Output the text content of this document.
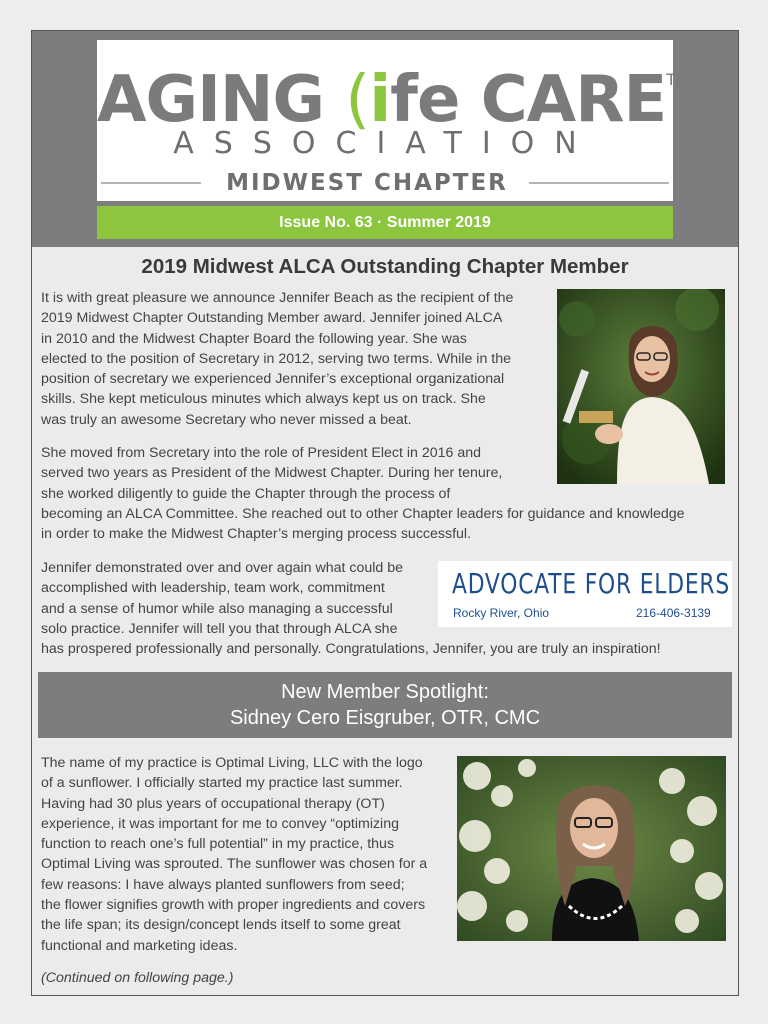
AGING (ife CARE™
ASSOCIATION
MIDWEST CHAPTER
Issue No. 63 · Summer 2019
2019 Midwest ALCA Outstanding Chapter Member

It is with great pleasure we announce Jennifer Beach as the recipient of the
2019 Midwest Chapter Outstanding Member award. Jennifer joined ALCA
in 2010 and the Midwest Chapter Board the following year. She was
elected to the position of Secretary in 2012, serving two terms. While in the
position of secretary we experienced Jennifer’s exceptional organizational
skills. She kept meticulous minutes which always kept us on track. She
was truly an awesome Secretary who never missed a beat.

She moved from Secretary into the role of President Elect in 2016 and
served two years as President of the Midwest Chapter. During her tenure,
she worked diligently to guide the Chapter through the process of
becoming an ALCA Committee. She reached out to other Chapter leaders for guidance and knowledge
in order to make the Midwest Chapter’s merging process successful.

Jennifer demonstrated over and over again what could be
accomplished with leadership, team work, commitment
and a sense of humor while also managing a successful
solo practice. Jennifer will tell you that through ALCA she
has prospered professionally and personally. Congratulations, Jennifer, you are truly an inspiration!

ADVOCATE FOR ELDERS
Rocky River, Ohio	216-406-3139
New Member Spotlight:
Sidney Cero Eisgruber, OTR, CMC

The name of my practice is Optimal Living, LLC with the logo
of a sunflower. I officially started my practice last summer.
Having had 30 plus years of occupational therapy (OT)
experience, it was important for me to convey “optimizing
function to reach one’s full potential” in my practice, thus
Optimal Living was sprouted. The sunflower was chosen for a
few reasons: I have always planted sunflowers from seed;
the flower signifies growth with proper ingredients and covers
the life span; its design/concept lends itself to some great
functional and marketing ideas.

(Continued on following page.)
